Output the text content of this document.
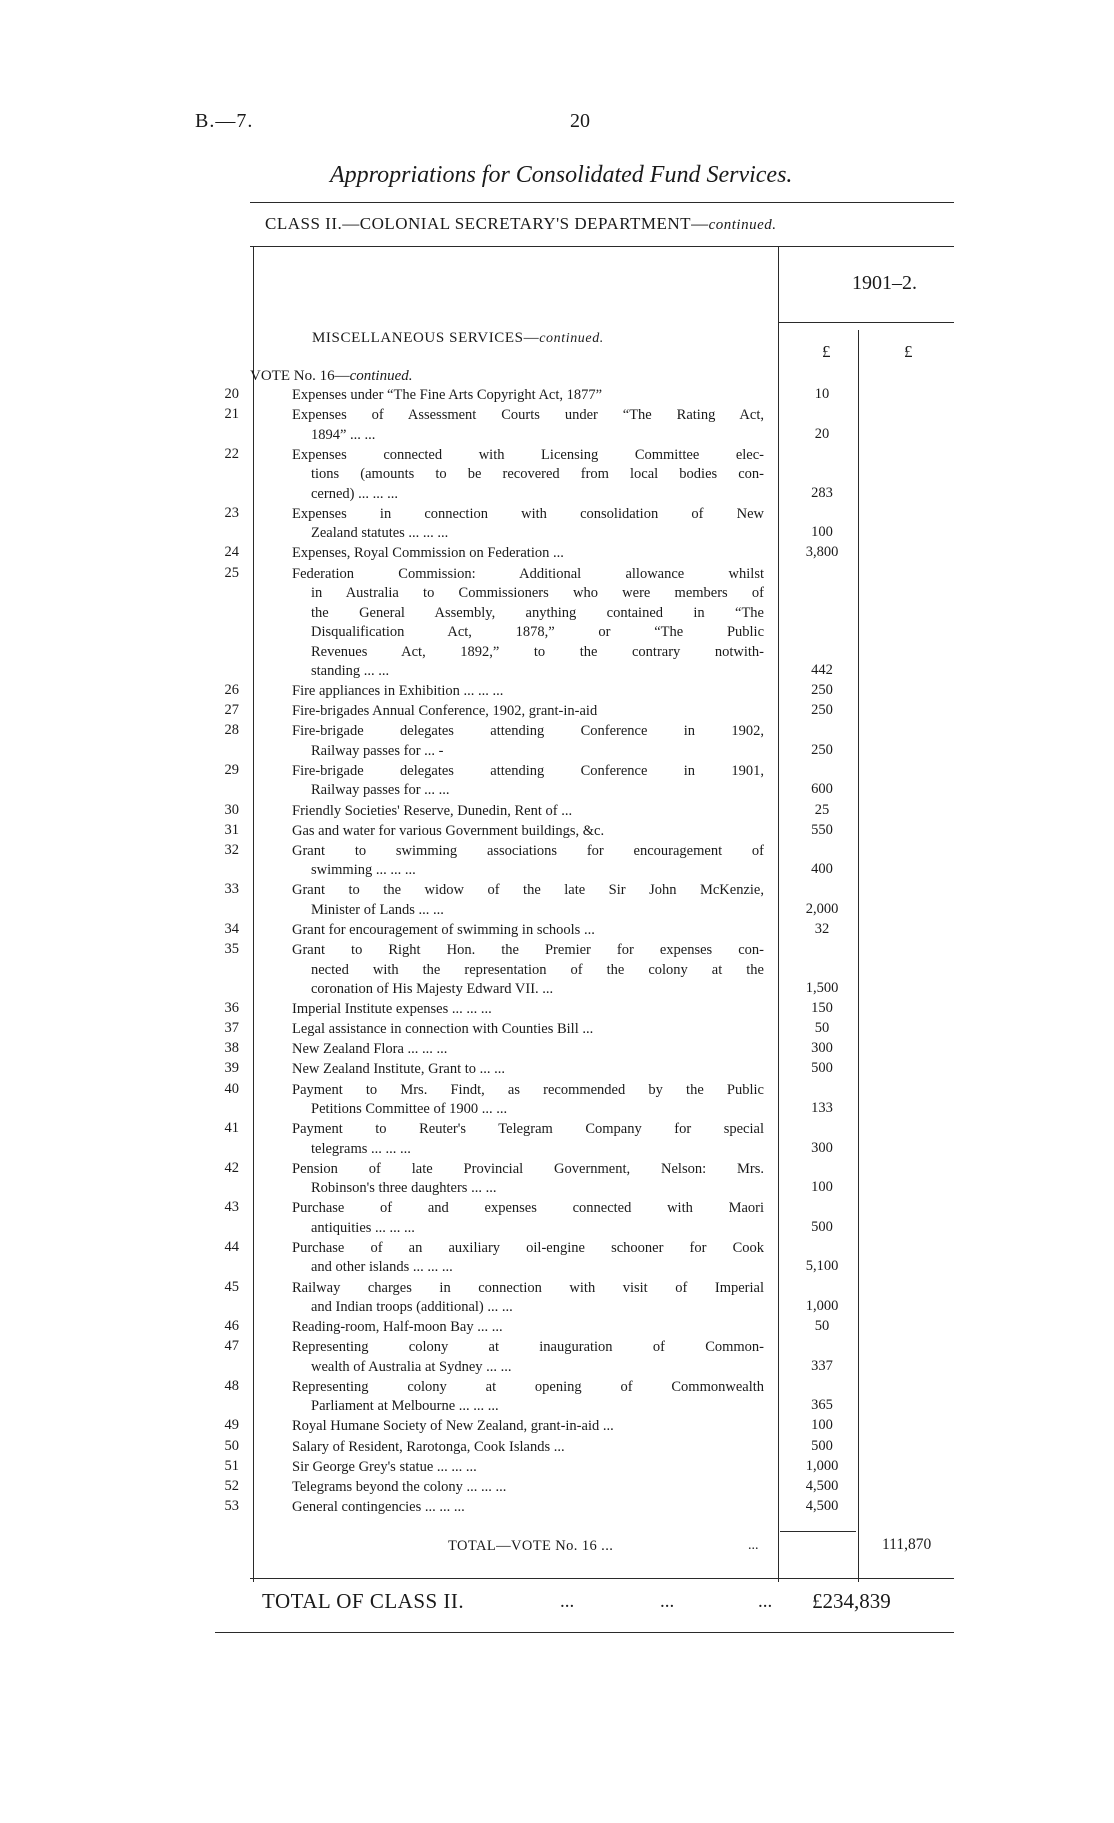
B.—7.	20
Appropriations for Consolidated Fund Services.
CLASS II.—COLONIAL SECRETARY'S DEPARTMENT—continued.
1901–2.
MISCELLANEOUS SERVICES—continued.
£	£
VOTE No. 16—continued.
20	Expenses under “The Fine Arts Copyright Act, 1877”	10
21	Expenses of Assessment Courts under “The Rating Act,
1894” ... ...	20
22	Expenses connected with Licensing Committee elec-
tions (amounts to be recovered from local bodies con-
cerned) ... ... ...	283
23	Expenses in connection with consolidation of New
Zealand statutes ... ... ...	100
24	Expenses, Royal Commission on Federation ...	3,800
25	Federation Commission: Additional allowance whilst
in Australia to Commissioners who were members of
the General Assembly, anything contained in “The
Disqualification Act, 1878,” or “The Public
Revenues Act, 1892,” to the contrary notwith-
standing ... ...	442
26	Fire appliances in Exhibition ... ... ...	250
27	Fire-brigades Annual Conference, 1902, grant-in-aid	250
28	Fire-brigade delegates attending Conference in 1902,
Railway passes for ... -	250
29	Fire-brigade delegates attending Conference in 1901,
Railway passes for ... ...	600
30	Friendly Societies' Reserve, Dunedin, Rent of ...	25
31	Gas and water for various Government buildings, &c.	550
32	Grant to swimming associations for encouragement of
swimming ... ... ...	400
33	Grant to the widow of the late Sir John McKenzie,
Minister of Lands ... ...	2,000
34	Grant for encouragement of swimming in schools ...	32
35	Grant to Right Hon. the Premier for expenses con-
nected with the representation of the colony at the
coronation of His Majesty Edward VII. ...	1,500
36	Imperial Institute expenses ... ... ...	150
37	Legal assistance in connection with Counties Bill ...	50
38	New Zealand Flora ... ... ...	300
39	New Zealand Institute, Grant to ... ...	500
40	Payment to Mrs. Findt, as recommended by the Public
Petitions Committee of 1900 ... ...	133
41	Payment to Reuter's Telegram Company for special
telegrams ... ... ...	300
42	Pension of late Provincial Government, Nelson: Mrs.
Robinson's three daughters ... ...	100
43	Purchase of and expenses connected with Maori
antiquities ... ... ...	500
44	Purchase of an auxiliary oil-engine schooner for Cook
and other islands ... ... ...	5,100
45	Railway charges in connection with visit of Imperial
and Indian troops (additional) ... ...	1,000
46	Reading-room, Half-moon Bay ... ...	50
47	Representing colony at inauguration of Common-
wealth of Australia at Sydney ... ...	337
48	Representing colony at opening of Commonwealth
Parliament at Melbourne ... ... ...	365
49	Royal Humane Society of New Zealand, grant-in-aid ...	100
50	Salary of Resident, Rarotonga, Cook Islands ...	500
51	Sir George Grey's statue ... ... ...	1,000
52	Telegrams beyond the colony ... ... ...	4,500
53	General contingencies ... ... ...	4,500
TOTAL—VOTE No. 16 ...	...	111,870
TOTAL OF CLASS II.	...	...	... £234,839
